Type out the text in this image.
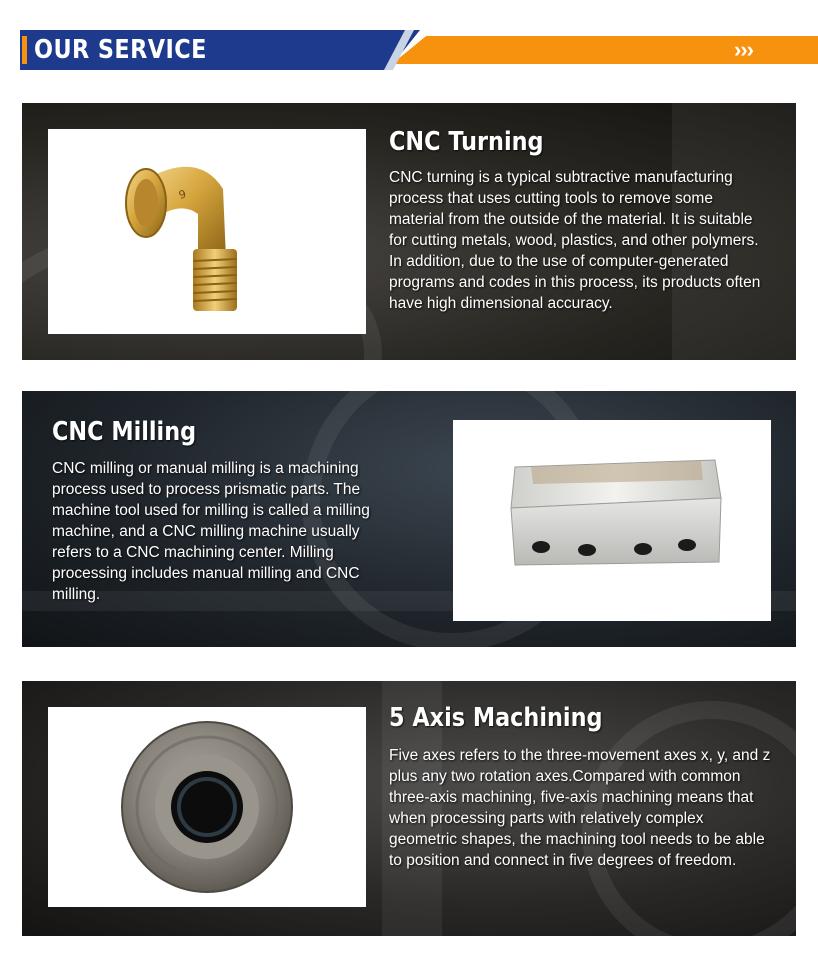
OUR SERVICE	›››
9
CNC Turning
CNC turning is a typical subtractive manufacturing process that uses cutting tools to remove some material from the outside of the material. It is suitable for cutting metals, wood, plastics, and other polymers. In addition, due to the use of computer-generated programs and codes in this process, its products often have high dimensional accuracy.
CNC Milling
CNC milling or manual milling is a machining process used to process prismatic parts. The machine tool used for milling is called a milling machine, and a CNC milling machine usually refers to a CNC machining center. Milling processing includes manual milling and CNC milling.
5 Axis Machining
Five axes refers to the three-movement axes x, y, and z plus any two rotation axes.Compared with common three-axis machining, five-axis machining means that when processing parts with relatively complex geometric shapes, the machining tool needs to be able to position and connect in five degrees of freedom.
